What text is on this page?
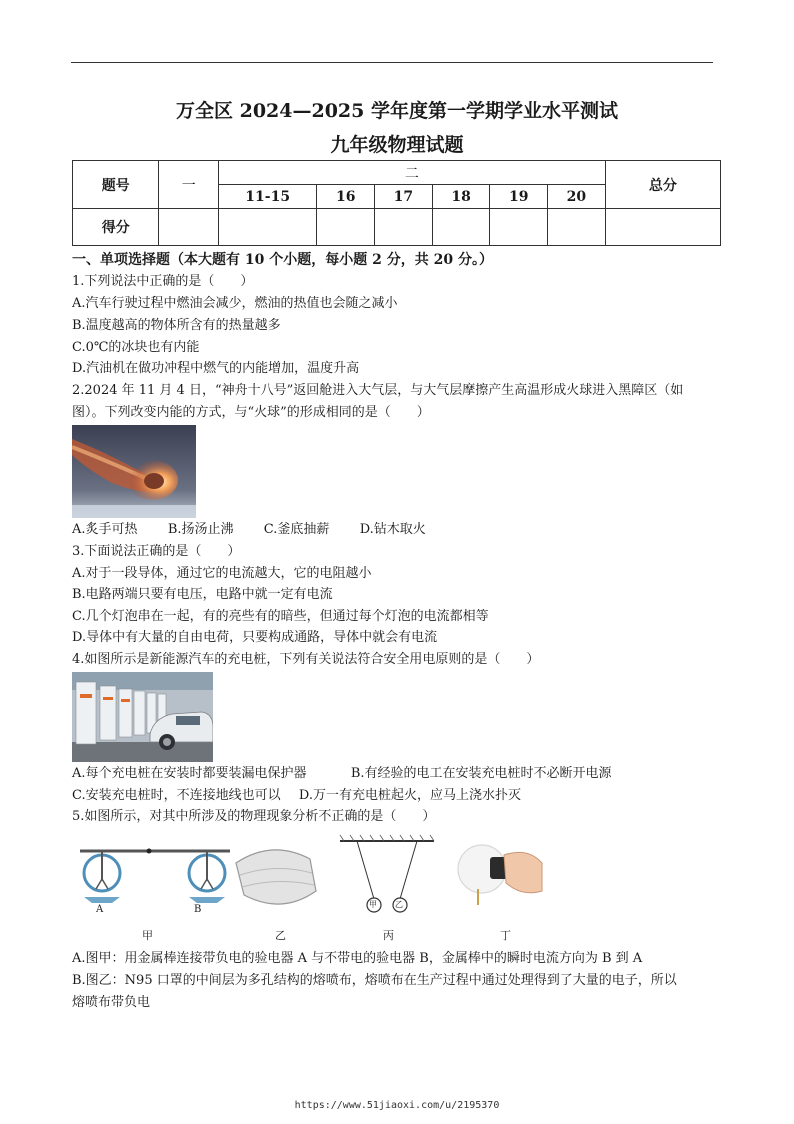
万全区 2024—2025 学年度第一学期学业水平测试
九年级物理试题
题号	一	二						总分
		11-15	16	17	18	19	20	
得分								
一、单项选择题（本大题有 10 个小题，每小题 2 分，共 20 分。）
1.下列说法中正确的是（　　）
A.汽车行驶过程中燃油会减少，燃油的热值也会随之减小
B.温度越高的物体所含有的热量越多
C.0℃的冰块也有内能
D.汽油机在做功冲程中燃气的内能增加，温度升高
2.2024 年 11 月 4 日，“神舟十八号”返回舱进入大气层，与大气层摩擦产生高温形成火球进入黑障区（如
图）。下列改变内能的方式，与“火球”的形成相同的是（　　）
A.炙手可热 B.扬汤止沸 C.釜底抽薪 D.钻木取火
3.下面说法正确的是（　　）
A.对于一段导体，通过它的电流越大，它的电阻越小
B.电路两端只要有电压，电路中就一定有电流
C.几个灯泡串在一起，有的亮些有的暗些，但通过每个灯泡的电流都相等
D.导体中有大量的自由电荷，只要构成通路，导体中就会有电流
4.如图所示是新能源汽车的充电桩，下列有关说法符合安全用电原则的是（　　）
A.每个充电桩在安装时都要装漏电保护器	B.有经验的电工在安装充电桩时不必断开电源
C.安装充电桩时，不连接地线也可以 D.万一有充电桩起火，应马上浇水扑灭
5.如图所示，对其中所涉及的物理现象分析不正确的是（　　）
A	B	甲 乙
甲	乙	丙	丁
A.图甲：用金属棒连接带负电的验电器 A 与不带电的验电器 B，金属棒中的瞬时电流方向为 B 到 A
B.图乙：N95 口罩的中间层为多孔结构的熔喷布，熔喷布在生产过程中通过处理得到了大量的电子，所以
熔喷布带负电
https://www.51jiaoxi.com/u/2195370
